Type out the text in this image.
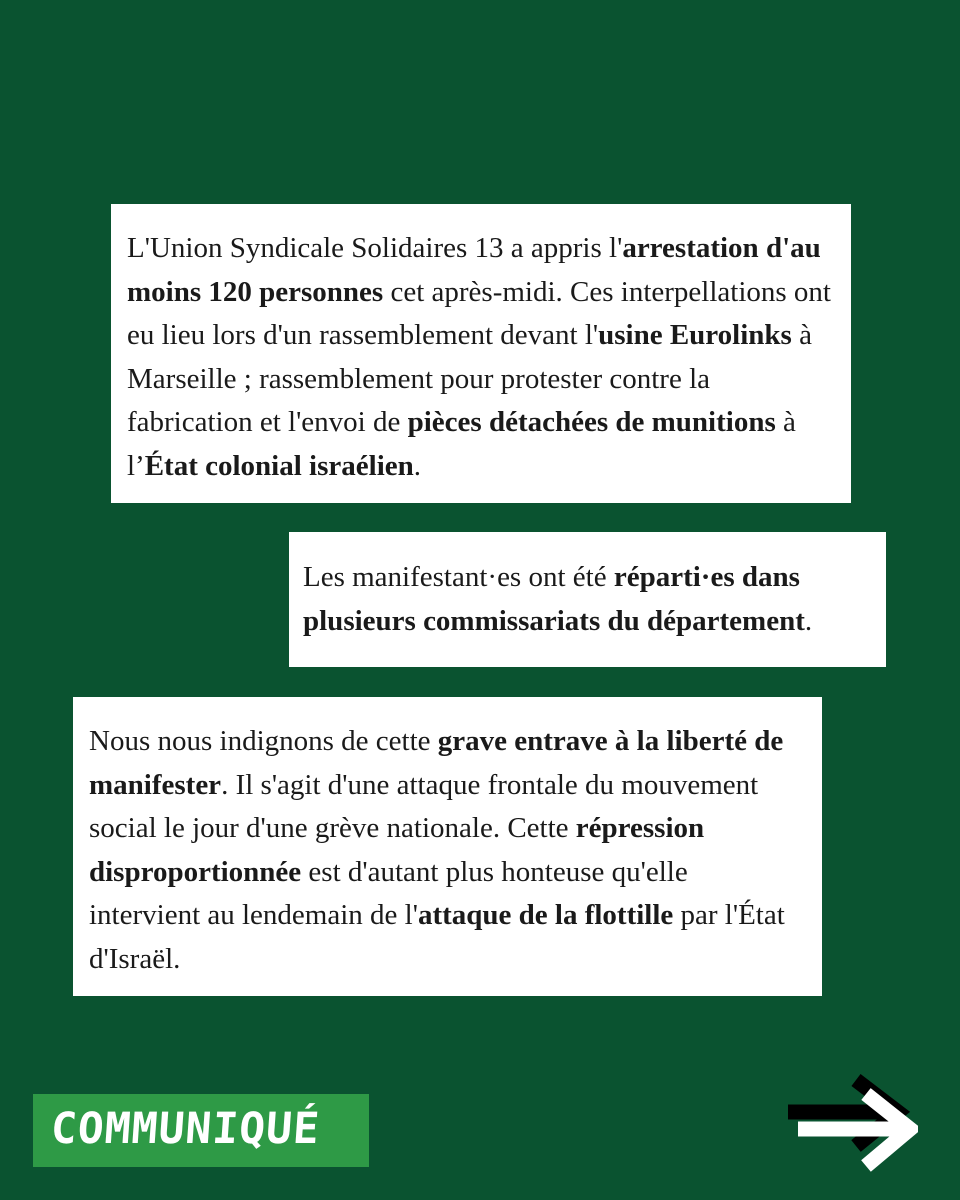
L'Union Syndicale Solidaires 13 a appris l'arrestation d'au moins 120 personnes cet après-midi. Ces interpellations ont eu lieu lors d'un rassemblement devant l'usine Eurolinks à Marseille ; rassemblement pour protester contre la fabrication et l'envoi de pièces détachées de munitions à l’État colonial israélien.
Les manifestant·es ont été réparti·es dans plusieurs commissariats du département.
Nous nous indignons de cette grave entrave à la liberté de manifester. Il s'agit d'une attaque frontale du mouvement social le jour d'une grève nationale. Cette répression disproportionnée est d'autant plus honteuse qu'elle intervient au lendemain de l'attaque de la flottille par l'État d'Israël.
COMMUNIQUÉ
